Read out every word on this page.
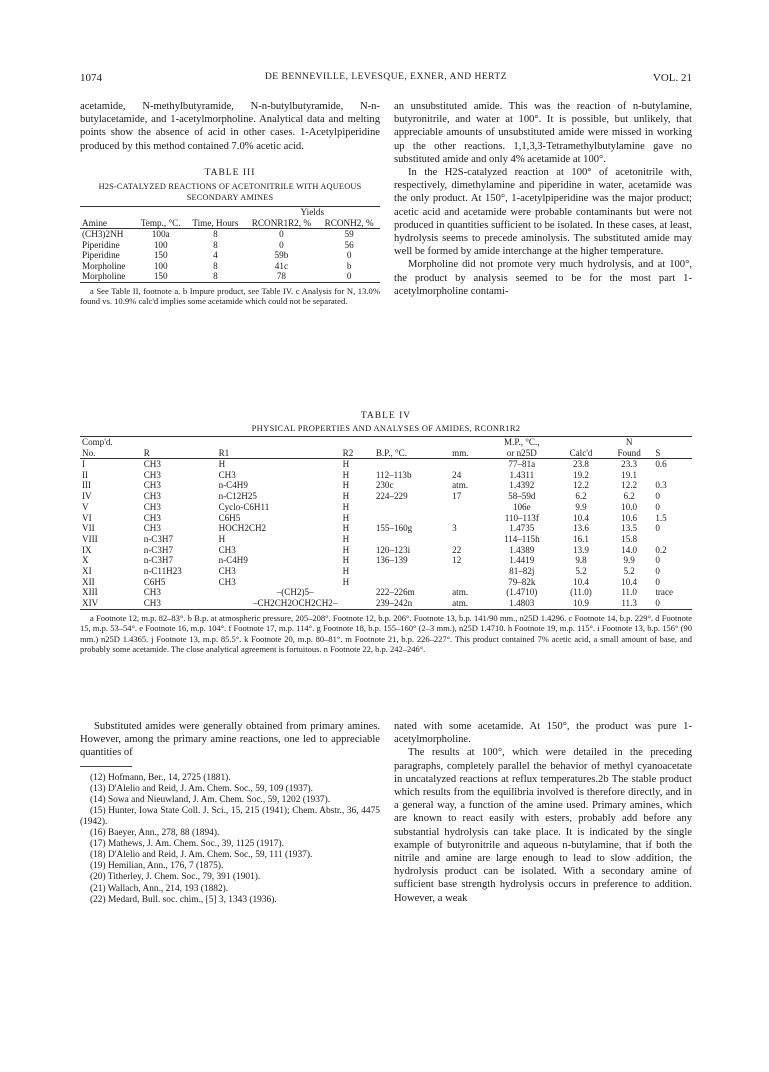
1074	DE BENNEVILLE, LEVESQUE, EXNER, AND HERTZ	VOL. 21

acetamide, N-methylbutyramide, N-n-butylbutyramide, N-n-butylacetamide, and 1-acetylmorpholine. Analytical data and melting points show the absence of acid in other cases. 1-Acetylpiperidine produced by this method contained 7.0% acetic acid.

TABLE III
H2S-CATALYZED REACTIONS OF ACETONITRILE WITH AQUEOUS SECONDARY AMINES
Amine	Temp., °C.	Time, Hours	Yields	
			RCONR1R2, %	RCONH2, %
(CH3)2NH	100a	8	0	59
Piperidine	100	8	0	56
Piperidine	150	4	59b	0
Morpholine	100	8	41c	b
Morpholine	150	8	78	0
a See Table II, footnote a. b Impure product, see Table IV. c Analysis for N, 13.0% found vs. 10.9% calc'd implies some acetamide which could not be separated.

an unsubstituted amide. This was the reaction of n-butylamine, butyronitrile, and water at 100°. It is possible, but unlikely, that appreciable amounts of unsubstituted amide were missed in working up the other reactions. 1,1,3,3-Tetramethylbutylamine gave no substituted amide and only 4% acetamide at 100°.

In the H2S-catalyzed reaction at 100° of acetonitrile with, respectively, dimethylamine and piperidine in water, acetamide was the only product. At 150°, 1-acetylpiperidine was the major product; acetic acid and acetamide were probable contaminants but were not produced in quantities sufficient to be isolated. In these cases, at least, hydrolysis seems to precede aminolysis. The substituted amide may well be formed by amide interchange at the higher temperature.

Morpholine did not promote very much hydrolysis, and at 100°, the product by analysis seemed to be for the most part 1-acetylmorpholine contami-

TABLE IV
PHYSICAL PROPERTIES AND ANALYSES OF AMIDES, RCONR1R2
Comp'd.						M.P., °C.,		N	
No.	R	R1	R2	B.P., °C.	mm.	or n25D	Calc'd	Found	S
I	CH3	H	H			77–81a	23.8	23.3	0.6
II	CH3	CH3	H	112–113b	24	1.4311	19.2	19.1	
III	CH3	n-C4H9	H	230c	atm.	1.4392	12.2	12.2	0.3
IV	CH3	n-C12H25	H	224–229	17	58–59d	6.2	6.2	0
V	CH3	Cyclo-C6H11	H			106e	9.9	10.0	0
VI	CH3	C6H5	H			110–113f	10.4	10.6	1.5
VII	CH3	HOCH2CH2	H	155–160g	3	1.4735	13.6	13.5	0
VIII	n-C3H7	H	H			114–115h	16.1	15.8	
IX	n-C3H7	CH3	H	120–123i	22	1.4389	13.9	14.0	0.2
X	n-C3H7	n-C4H9	H	136–139	12	1.4419	9.8	9.9	0
XI	n-C11H23	CH3	H			81–82j	5.2	5.2	0
XII	C6H5	CH3	H			79–82k	10.4	10.4	0
XIII	CH3	–(CH2)5–		222–226m	atm.	(1.4710)	(11.0)	11.0	trace
XIV	CH3	–CH2CH2OCH2CH2–		239–242n	atm.	1.4803	10.9	11.3	0
a Footnote 12, m.p. 82–83°. b B.p. at atmospheric pressure, 205–208°. Footnote 12, b.p. 206°. Footnote 13, b.p. 141/90 mm., n25D 1.4296. c Footnote 14, b.p. 229°. d Footnote 15, m.p. 53–54°. e Footnote 16, m.p. 104°. f Footnote 17, m.p. 114°. g Footnote 18, b.p. 155–160° (2–3 mm.), n25D 1.4710. h Footnote 19, m.p. 115°. i Footnote 13, b.p. 156° (90 mm.) n25D 1.4365. j Footnote 13, m.p. 85.5°. k Footnote 20, m.p. 80–81°. m Footnote 21, b.p. 226–227°. This product contained 7% acetic acid, a small amount of base, and probably some acetamide. The close analytical agreement is fortuitous. n Footnote 22, b.p. 242–246°.

Substituted amides were generally obtained from primary amines. However, among the primary amine reactions, one led to appreciable quantities of

(12) Hofmann, Ber., 14, 2725 (1881).

(13) D'Alelio and Reid, J. Am. Chem. Soc., 59, 109 (1937).

(14) Sowa and Nieuwland, J. Am. Chem. Soc., 59, 1202 (1937).

(15) Hunter, Iowa State Coll. J. Sci., 15, 215 (1941); Chem. Abstr., 36, 4475 (1942).

(16) Baeyer, Ann., 278, 88 (1894).

(17) Mathews, J. Am. Chem. Soc., 39, 1125 (1917).

(18) D'Alelio and Reid, J. Am. Chem. Soc., 59, 111 (1937).

(19) Hemilian, Ann., 176, 7 (1875).

(20) Titherley, J. Chem. Soc., 79, 391 (1901).

(21) Wallach, Ann., 214, 193 (1882).

(22) Medard, Bull. soc. chim., [5] 3, 1343 (1936).

nated with some acetamide. At 150°, the product was pure 1-acetylmorpholine.

The results at 100°, which were detailed in the preceding paragraphs, completely parallel the behavior of methyl cyanoacetate in uncatalyzed reactions at reflux temperatures.2b The stable product which results from the equilibria involved is therefore directly, and in a general way, a function of the amine used. Primary amines, which are known to react easily with esters, probably add before any substantial hydrolysis can take place. It is indicated by the single example of butyronitrile and aqueous n-butylamine, that if both the nitrile and amine are large enough to lead to slow addition, the hydrolysis product can be isolated. With a secondary amine of sufficient base strength hydrolysis occurs in preference to addition. However, a weak
